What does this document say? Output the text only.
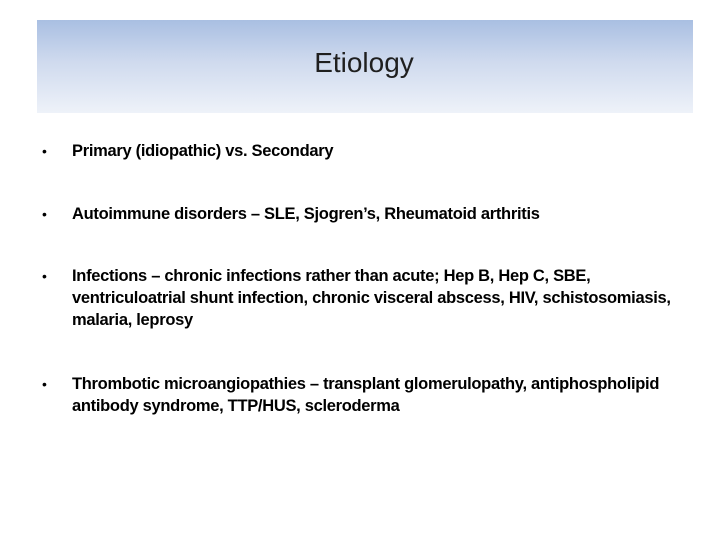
Etiology
•	Primary (idiopathic) vs. Secondary
•	Autoimmune disorders – SLE, Sjogren’s, Rheumatoid arthritis
•	Infections – chronic infections rather than acute; Hep B, Hep C, SBE, ventriculoatrial shunt infection, chronic visceral abscess, HIV, schistosomiasis, malaria, leprosy
•	Thrombotic microangiopathies – transplant glomerulopathy, antiphospholipid antibody syndrome, TTP/HUS, scleroderma
